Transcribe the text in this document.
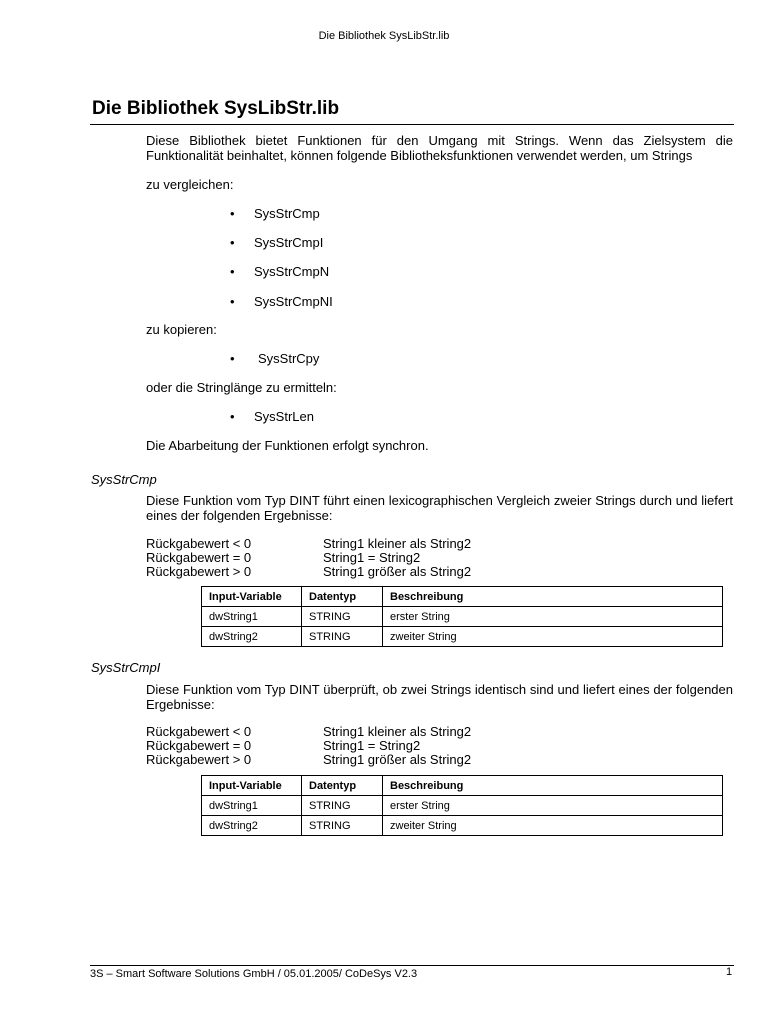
Die Bibliothek SysLibStr.lib
Die Bibliothek SysLibStr.lib
Diese Bibliothek bietet Funktionen für den Umgang mit Strings. Wenn das Zielsystem die Funktionalität beinhaltet, können folgende Bibliotheksfunktionen verwendet werden, um Strings
zu vergleichen:
• SysStrCmp
• SysStrCmpI
• SysStrCmpN
• SysStrCmpNI
zu kopieren:
• SysStrCpy
oder die Stringlänge zu ermitteln:
• SysStrLen
Die Abarbeitung der Funktionen erfolgt synchron.
SysStrCmp
Diese Funktion vom Typ DINT führt einen lexicographischen Vergleich zweier Strings durch und liefert eines der folgenden Ergebnisse:
Rückgabewert < 0	String1 kleiner als String2
Rückgabewert = 0	String1 = String2
Rückgabewert > 0	String1 größer als String2
Input-Variable	Datentyp	Beschreibung
dwString1	STRING	erster String
dwString2	STRING	zweiter String
SysStrCmpI
Diese Funktion vom Typ DINT überprüft, ob zwei Strings identisch sind und liefert eines der folgenden Ergebnisse:
Rückgabewert < 0	String1 kleiner als String2
Rückgabewert = 0	String1 = String2
Rückgabewert > 0	String1 größer als String2
Input-Variable	Datentyp	Beschreibung
dwString1	STRING	erster String
dwString2	STRING	zweiter String
3S – Smart Software Solutions GmbH / 05.01.2005/ CoDeSys V2.3	1
